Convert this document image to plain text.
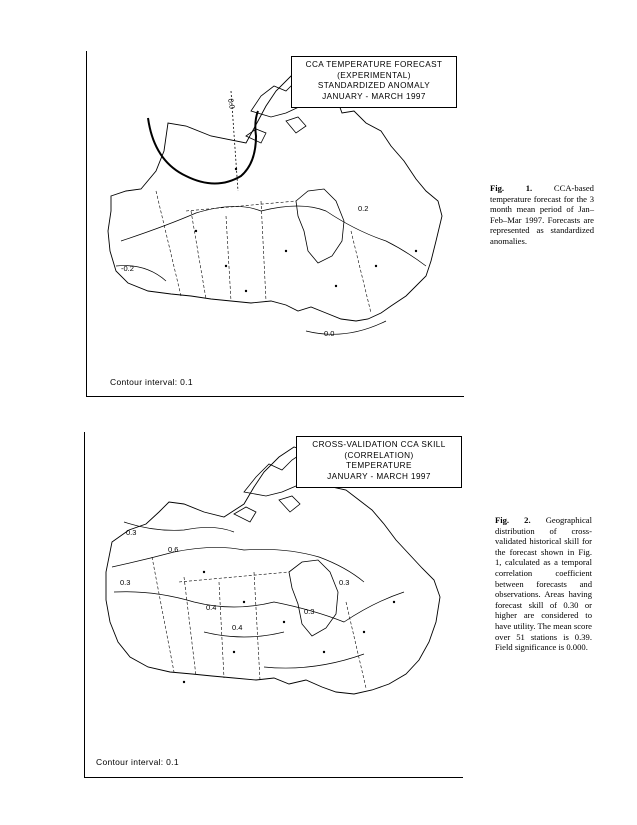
0.0
0.2
-0.2
0.0
CCA TEMPERATURE FORECAST
(EXPERIMENTAL)
STANDARDIZED ANOMALY
JANUARY - MARCH 1997
Contour interval: 0.1
Fig. 1.	CCA-based temperature forecast for the 3 month mean period of Jan–Feb–Mar 1997. Forecasts are represented as standardized anomalies.
0.3
0.6
0.3	0.3
0.3
0.4
0.4
CROSS-VALIDATION CCA SKILL
(CORRELATION)
TEMPERATURE
JANUARY - MARCH 1997
Contour interval: 0.1
Fig. 2. Geographical distribution of cross-validated historical skill for the forecast shown in Fig. 1, calculated as a temporal correlation coefficient between forecasts and observations. Areas having forecast skill of 0.30 or higher are considered to have utility. The mean score over 51 stations is 0.39. Field significance is 0.000.
